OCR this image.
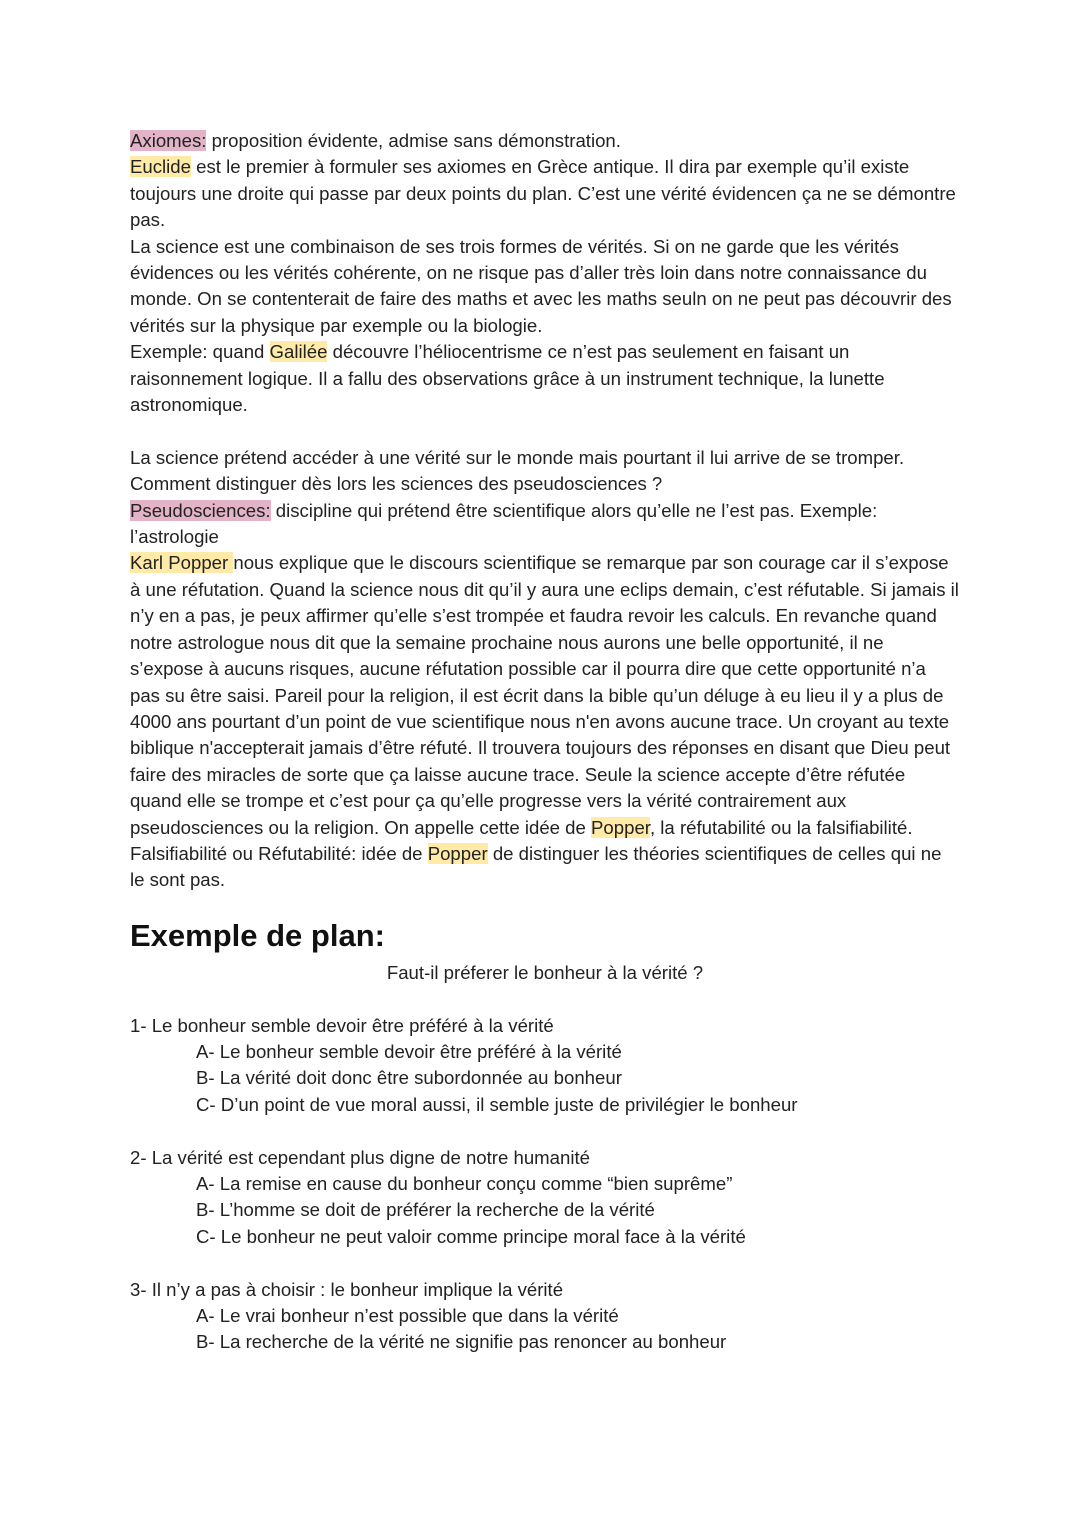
Axiomes: proposition évidente, admise sans démonstration.

Euclide est le premier à formuler ses axiomes en Grèce antique. Il dira par exemple qu’il existe toujours une droite qui passe par deux points du plan. C’est une vérité évidencen ça ne se démontre pas.

La science est une combinaison de ses trois formes de vérités. Si on ne garde que les vérités évidences ou les vérités cohérente, on ne risque pas d’aller très loin dans notre connaissance du monde. On se contenterait de faire des maths et avec les maths seuln on ne peut pas découvrir des vérités sur la physique par exemple ou la biologie.

Exemple: quand Galilée découvre l’héliocentrisme ce n’est pas seulement en faisant un raisonnement logique. Il a fallu des observations grâce à un instrument technique, la lunette astronomique.

La science prétend accéder à une vérité sur le monde mais pourtant il lui arrive de se tromper. Comment distinguer dès lors les sciences des pseudosciences ?

Pseudosciences: discipline qui prétend être scientifique alors qu’elle ne l’est pas. Exemple: l’astrologie

Karl Popper nous explique que le discours scientifique se remarque par son courage car il s’expose à une réfutation. Quand la science nous dit qu’il y aura une eclips demain, c’est réfutable. Si jamais il n’y en a pas, je peux affirmer qu’elle s’est trompée et faudra revoir les calculs. En revanche quand notre astrologue nous dit que la semaine prochaine nous aurons une belle opportunité, il ne s’expose à aucuns risques, aucune réfutation possible car il pourra dire que cette opportunité n’a pas su être saisi. Pareil pour la religion, il est écrit dans la bible qu’un déluge à eu lieu il y a plus de 4000 ans pourtant d’un point de vue scientifique nous n'en avons aucune trace. Un croyant au texte biblique n'accepterait jamais d’être réfuté. Il trouvera toujours des réponses en disant que Dieu peut faire des miracles de sorte que ça laisse aucune trace. Seule la science accepte d’être réfutée quand elle se trompe et c’est pour ça qu’elle progresse vers la vérité contrairement aux pseudosciences ou la religion. On appelle cette idée de Popper, la réfutabilité ou la falsifiabilité.

Falsifiabilité ou Réfutabilité: idée de Popper de distinguer les théories scientifiques de celles qui ne le sont pas.

Exemple de plan:

Faut-il préferer le bonheur à la vérité ?

1- Le bonheur semble devoir être préféré à la vérité

A- Le bonheur semble devoir être préféré à la vérité

B- La vérité doit donc être subordonnée au bonheur

C- D’un point de vue moral aussi, il semble juste de privilégier le bonheur

2- La vérité est cependant plus digne de notre humanité

A- La remise en cause du bonheur conçu comme “bien suprême”

B- L’homme se doit de préférer la recherche de la vérité

C- Le bonheur ne peut valoir comme principe moral face à la vérité

3- Il n’y a pas à choisir : le bonheur implique la vérité

A- Le vrai bonheur n’est possible que dans la vérité

B- La recherche de la vérité ne signifie pas renoncer au bonheur
